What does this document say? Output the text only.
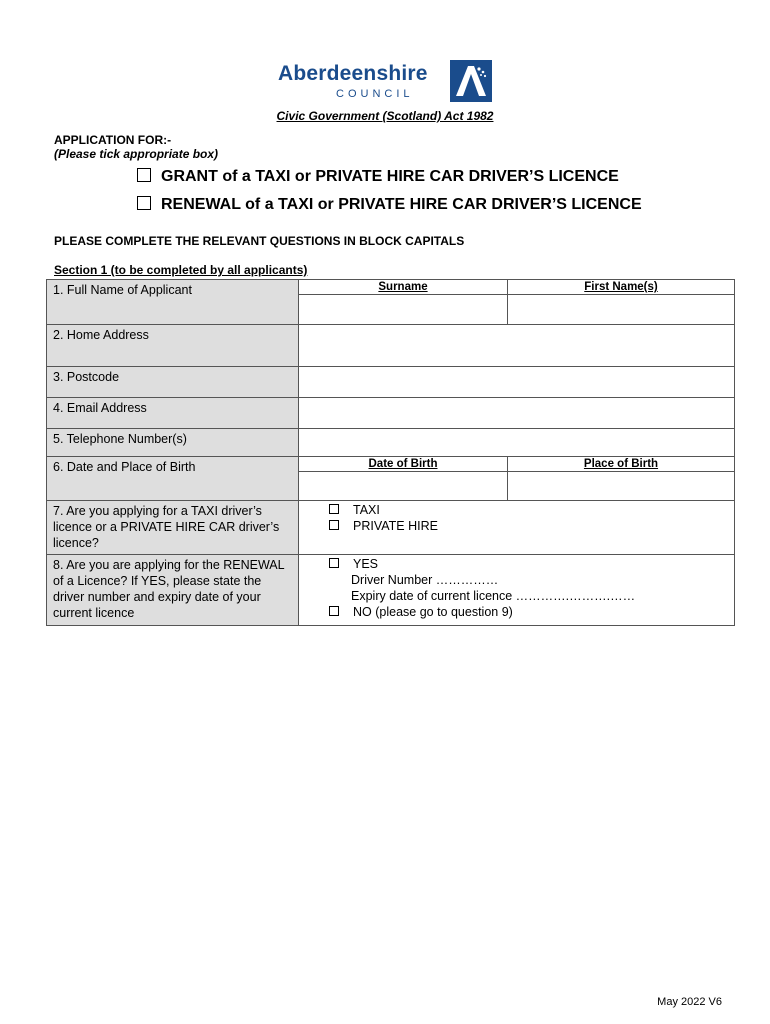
Aberdeenshire
COUNCIL
Civic Government (Scotland) Act 1982
APPLICATION FOR:-
(Please tick appropriate box)
GRANT of a TAXI or PRIVATE HIRE CAR DRIVER’S LICENCE
RENEWAL of a TAXI or PRIVATE HIRE CAR DRIVER’S LICENCE
PLEASE COMPLETE THE RELEVANT QUESTIONS IN BLOCK CAPITALS
Section 1 (to be completed by all applicants)
1. Full Name of Applicant	Surname	First Name(s)
2. Home Address
3. Postcode
4. Email Address
5. Telephone Number(s)
6. Date and Place of Birth	Date of Birth	Place of Birth
7. Are you applying for a TAXI driver’s licence or a PRIVATE HIRE CAR driver’s licence?
TAXI
PRIVATE HIRE
8. Are you are applying for the RENEWAL of a Licence? If YES, please state the driver number and expiry date of your current licence
YES
Driver Number ……………
Expiry date of current licence ………….……….……
NO (please go to question 9)
May 2022 V6
